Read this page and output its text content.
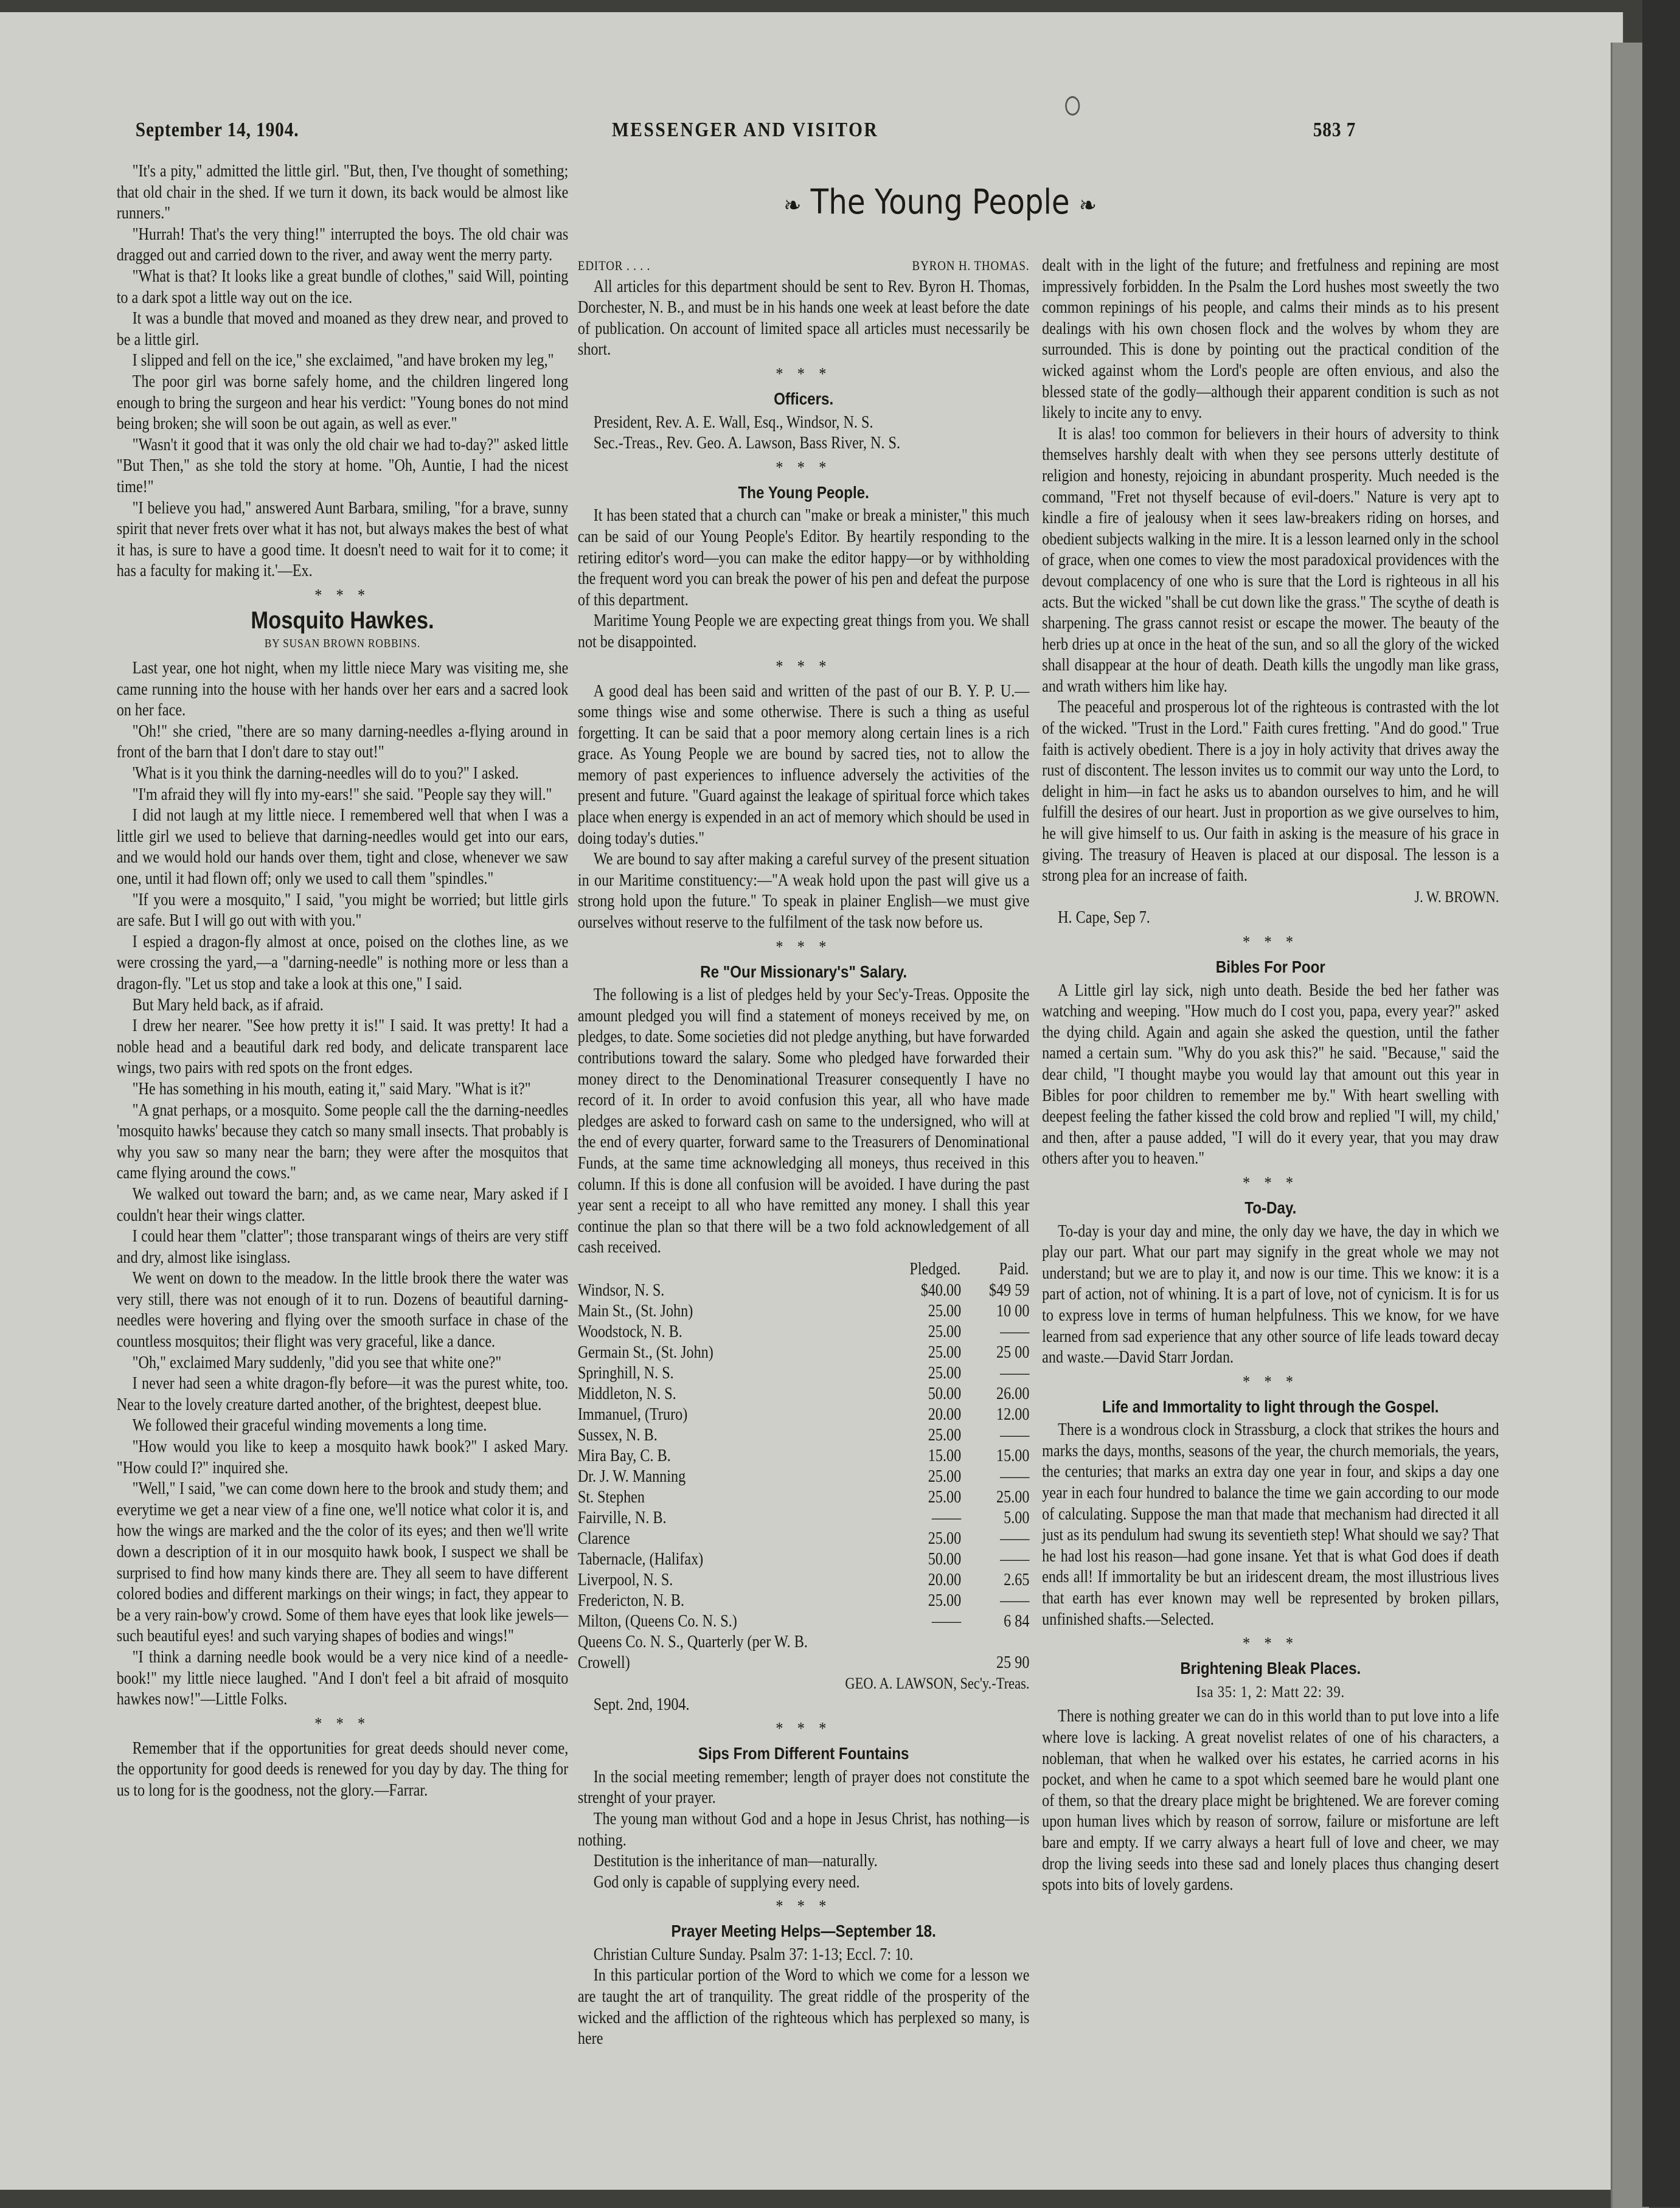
September 14, 1904.	MESSENGER AND VISITOR	583 7
❧ The Young People ❧

"It's a pity," admitted the little girl. "But, then, I've thought of something; that old chair in the shed. If we turn it down, its back would be almost like runners."

"Hurrah! That's the very thing!" interrupted the boys. The old chair was dragged out and carried down to the river, and away went the merry party.

"What is that? It looks like a great bundle of clothes," said Will, pointing to a dark spot a little way out on the ice.

It was a bundle that moved and moaned as they drew near, and proved to be a little girl.

I slipped and fell on the ice," she exclaimed, "and have broken my leg,"

The poor girl was borne safely home, and the children lingered long enough to bring the surgeon and hear his verdict: "Young bones do not mind being broken; she will soon be out again, as well as ever."

"Wasn't it good that it was only the old chair we had to-day?" asked little "But Then," as she told the story at home. "Oh, Auntie, I had the nicest time!"

"I believe you had," answered Aunt Barbara, smiling, "for a brave, sunny spirit that never frets over what it has not, but always makes the best of what it has, is sure to have a good time. It doesn't need to wait for it to come; it has a faculty for making it.'—Ex.

* * *
Mosquito Hawkes.
BY SUSAN BROWN ROBBINS.

Last year, one hot night, when my little niece Mary was visiting me, she came running into the house with her hands over her ears and a sacred look on her face.

"Oh!" she cried, "there are so many darning-needles a-flying around in front of the barn that I don't dare to stay out!"

'What is it you think the darning-needles will do to you?" I asked.

"I'm afraid they will fly into my-ears!" she said. "People say they will."

I did not laugh at my little niece. I remembered well that when I was a little girl we used to believe that darning-needles would get into our ears, and we would hold our hands over them, tight and close, whenever we saw one, until it had flown off; only we used to call them "spindles."

"If you were a mosquito," I said, "you might be worried; but little girls are safe. But I will go out with with you."

I espied a dragon-fly almost at once, poised on the clothes line, as we were crossing the yard,—a "darning-needle" is nothing more or less than a dragon-fly. "Let us stop and take a look at this one," I said.

But Mary held back, as if afraid.

I drew her nearer. "See how pretty it is!" I said. It was pretty! It had a noble head and a beautiful dark red body, and delicate transparent lace wings, two pairs with red spots on the front edges.

"He has something in his mouth, eating it," said Mary. "What is it?"

"A gnat perhaps, or a mosquito. Some people call the the darning-needles 'mosquito hawks' because they catch so many small insects. That probably is why you saw so many near the barn; they were after the mosquitos that came flying around the cows."

We walked out toward the barn; and, as we came near, Mary asked if I couldn't hear their wings clatter.

I could hear them "clatter"; those transparant wings of theirs are very stiff and dry, almost like isinglass.

We went on down to the meadow. In the little brook there the water was very still, there was not enough of it to run. Dozens of beautiful darning-needles were hovering and flying over the smooth surface in chase of the countless mosquitos; their flight was very graceful, like a dance.

"Oh," exclaimed Mary suddenly, "did you see that white one?"

I never had seen a white dragon-fly before—it was the purest white, too. Near to the lovely creature darted another, of the brightest, deepest blue.

We followed their graceful winding movements a long time.

"How would you like to keep a mosquito hawk book?" I asked Mary. "How could I?" inquired she.

"Well," I said, "we can come down here to the brook and study them; and everytime we get a near view of a fine one, we'll notice what color it is, and how the wings are marked and the the color of its eyes; and then we'll write down a description of it in our mosquito hawk book, I suspect we shall be surprised to find how many kinds there are. They all seem to have different colored bodies and different markings on their wings; in fact, they appear to be a very rain-bow'y crowd. Some of them have eyes that look like jewels—such beautiful eyes! and such varying shapes of bodies and wings!"

"I think a darning needle book would be a very nice kind of a needle-book!" my little niece laughed. "And I don't feel a bit afraid of mosquito hawkes now!"—Little Folks.

* * *

Remember that if the opportunities for great deeds should never come, the opportunity for good deeds is renewed for you day by day. The thing for us to long for is the goodness, not the glory.—Farrar.

EDITOR . . . .	BYRON H. THOMAS.

All articles for this department should be sent to Rev. Byron H. Thomas, Dorchester, N. B., and must be in his hands one week at least before the date of publication. On account of limited space all articles must necessarily be short.

* * *
Officers.

President, Rev. A. E. Wall, Esq., Windsor, N. S.

Sec.-Treas., Rev. Geo. A. Lawson, Bass River, N. S.

* * *
The Young People.

It has been stated that a church can "make or break a minister," this much can be said of our Young People's Editor. By heartily responding to the retiring editor's word—you can make the editor happy—or by withholding the frequent word you can break the power of his pen and defeat the purpose of this department.

Maritime Young People we are expecting great things from you. We shall not be disappointed.

* * *

A good deal has been said and written of the past of our B. Y. P. U.—some things wise and some otherwise. There is such a thing as useful forgetting. It can be said that a poor memory along certain lines is a rich grace. As Young People we are bound by sacred ties, not to allow the memory of past experiences to influence adversely the activities of the present and future. "Guard against the leakage of spiritual force which takes place when energy is expended in an act of memory which should be used in doing today's duties."

We are bound to say after making a careful survey of the present situation in our Maritime constituency:—"A weak hold upon the past will give us a strong hold upon the future." To speak in plainer English—we must give ourselves without reserve to the fulfilment of the task now before us.

* * *
Re "Our Missionary's" Salary.

The following is a list of pledges held by your Sec'y-Treas. Opposite the amount pledged you will find a statement of moneys received by me, on pledges, to date. Some societies did not pledge anything, but have forwarded contributions toward the salary. Some who pledged have forwarded their money direct to the Denominational Treasurer consequently I have no record of it. In order to avoid confusion this year, all who have made pledges are asked to forward cash on same to the undersigned, who will at the end of every quarter, forward same to the Treasurers of Denominational Funds, at the same time acknowledging all moneys, thus received in this column. If this is done all confusion will be avoided. I have during the past year sent a receipt to all who have remitted any money. I shall this year continue the plan so that there will be a two fold acknowledgement of all cash received.

	Pledged.	Paid.
Windsor, N. S.	$40.00	$49 59
Main St., (St. John)	25.00	10 00
Woodstock, N. B.	25.00	——
Germain St., (St. John)	25.00	25 00
Springhill, N. S.	25.00	——
Middleton, N. S.	50.00	26.00
Immanuel, (Truro)	20.00	12.00
Sussex, N. B.	25.00	——
Mira Bay, C. B.	15.00	15.00
Dr. J. W. Manning	25.00	——
St. Stephen	25.00	25.00
Fairville, N. B.	——	5.00
Clarence	25.00	——
Tabernacle, (Halifax)	50.00	——
Liverpool, N. S.	20.00	2.65
Fredericton, N. B.	25.00	——
Milton, (Queens Co. N. S.)	——	6 84
Queens Co. N. S., Quarterly (per W. B.		
Crowell)		25 90
GEO. A. LAWSON, Sec'y.-Treas.

Sept. 2nd, 1904.

* * *
Sips From Different Fountains

In the social meeting remember; length of prayer does not constitute the strenght of your prayer.

The young man without God and a hope in Jesus Christ, has nothing—is nothing.

Destitution is the inheritance of man—naturally.

God only is capable of supplying every need.

* * *
Prayer Meeting Helps—September 18.

Christian Culture Sunday. Psalm 37: 1-13; Eccl. 7: 10.

In this particular portion of the Word to which we come for a lesson we are taught the art of tranquility. The great riddle of the prosperity of the wicked and the affliction of the righteous which has perplexed so many, is here

dealt with in the light of the future; and fretfulness and repining are most impressively forbidden. In the Psalm the Lord hushes most sweetly the two common repinings of his people, and calms their minds as to his present dealings with his own chosen flock and the wolves by whom they are surrounded. This is done by pointing out the practical condition of the wicked against whom the Lord's people are often envious, and also the blessed state of the godly—although their apparent condition is such as not likely to incite any to envy.

It is alas! too common for believers in their hours of adversity to think themselves harshly dealt with when they see persons utterly destitute of religion and honesty, rejoicing in abundant prosperity. Much needed is the command, "Fret not thyself because of evil-doers." Nature is very apt to kindle a fire of jealousy when it sees law-breakers riding on horses, and obedient subjects walking in the mire. It is a lesson learned only in the school of grace, when one comes to view the most paradoxical providences with the devout complacency of one who is sure that the Lord is righteous in all his acts. But the wicked "shall be cut down like the grass." The scythe of death is sharpening. The grass cannot resist or escape the mower. The beauty of the herb dries up at once in the heat of the sun, and so all the glory of the wicked shall disappear at the hour of death. Death kills the ungodly man like grass, and wrath withers him like hay.

The peaceful and prosperous lot of the righteous is contrasted with the lot of the wicked. "Trust in the Lord." Faith cures fretting. "And do good." True faith is actively obedient. There is a joy in holy activity that drives away the rust of discontent. The lesson invites us to commit our way unto the Lord, to delight in him—in fact he asks us to abandon ourselves to him, and he will fulfill the desires of our heart. Just in proportion as we give ourselves to him, he will give himself to us. Our faith in asking is the measure of his grace in giving. The treasury of Heaven is placed at our disposal. The lesson is a strong plea for an increase of faith.

J. W. BROWN.

H. Cape, Sep 7.

* * *
Bibles For Poor

A Little girl lay sick, nigh unto death. Beside the bed her father was watching and weeping. "How much do I cost you, papa, every year?" asked the dying child. Again and again she asked the question, until the father named a certain sum. "Why do you ask this?" he said. "Because," said the dear child, "I thought maybe you would lay that amount out this year in Bibles for poor children to remember me by." With heart swelling with deepest feeling the father kissed the cold brow and replied "I will, my child,' and then, after a pause added, "I will do it every year, that you may draw others after you to heaven."

* * *
To-Day.

To-day is your day and mine, the only day we have, the day in which we play our part. What our part may signify in the great whole we may not understand; but we are to play it, and now is our time. This we know: it is a part of action, not of whining. It is a part of love, not of cynicism. It is for us to express love in terms of human helpfulness. This we know, for we have learned from sad experience that any other source of life leads toward decay and waste.—David Starr Jordan.

* * *
Life and Immortality to light through the Gospel.

There is a wondrous clock in Strassburg, a clock that strikes the hours and marks the days, months, seasons of the year, the church memorials, the years, the centuries; that marks an extra day one year in four, and skips a day one year in each four hundred to balance the time we gain according to our mode of calculating. Suppose the man that made that mechanism had directed it all just as its pendulum had swung its seventieth step! What should we say? That he had lost his reason—had gone insane. Yet that is what God does if death ends all! If immortality be but an iridescent dream, the most illustrious lives that earth has ever known may well be represented by broken pillars, unfinished shafts.—Selected.

* * *
Brightening Bleak Places.
Isa 35: 1, 2: Matt 22: 39.

There is nothing greater we can do in this world than to put love into a life where love is lacking. A great novelist relates of one of his characters, a nobleman, that when he walked over his estates, he carried acorns in his pocket, and when he came to a spot which seemed bare he would plant one of them, so that the dreary place might be brightened. We are forever coming upon human lives which by reason of sorrow, failure or misfortune are left bare and empty. If we carry always a heart full of love and cheer, we may drop the living seeds into these sad and lonely places thus changing desert spots into bits of lovely gardens.
